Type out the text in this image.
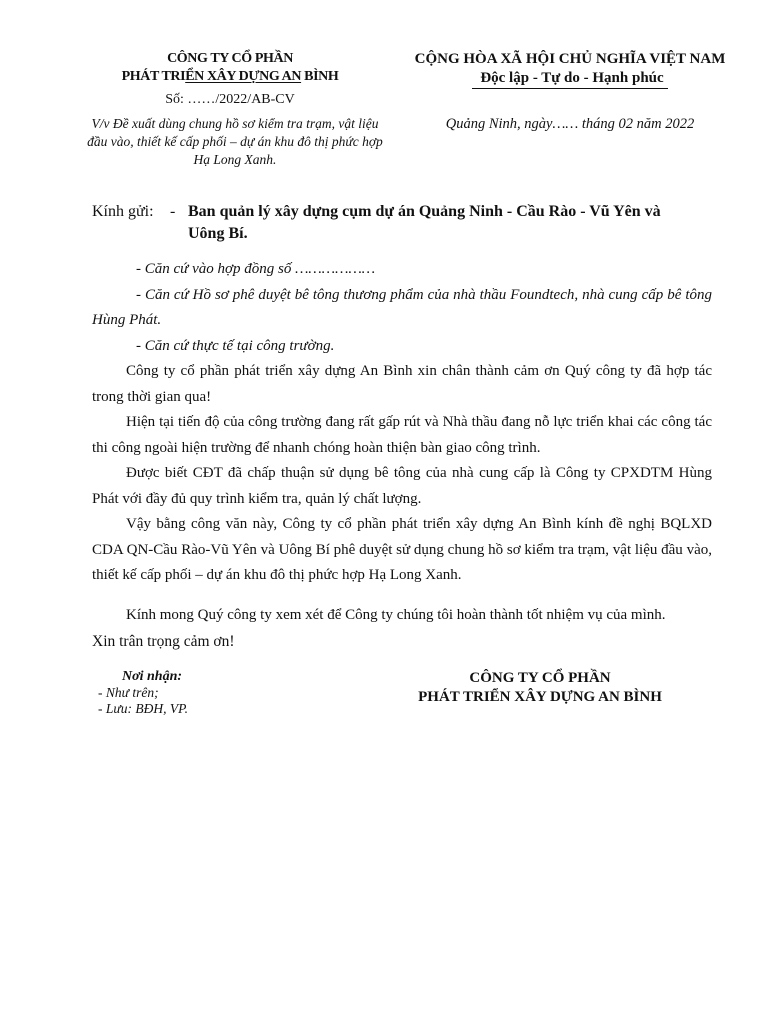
CÔNG TY CỔ PHẦN
PHÁT TRIỂN XÂY DỰNG AN BÌNH
Số: ……/2022/AB-CV
V/v Đề xuất dùng chung hồ sơ kiểm tra trạm, vật liệu
đầu vào, thiết kế cấp phối – dự án khu đô thị phức hợp
Hạ Long Xanh.
CỘNG HÒA XÃ HỘI CHỦ NGHĨA VIỆT NAM
Độc lập - Tự do - Hạnh phúc
Quảng Ninh, ngày…… tháng 02 năm 2022
Kính gửi: - Ban quản lý xây dựng cụm dự án Quảng Ninh - Cầu Rào - Vũ Yên và
Uông Bí.

- Căn cứ vào hợp đồng số ………………

- Căn cứ Hồ sơ phê duyệt bê tông thương phẩm của nhà thầu Foundtech, nhà cung cấp bê tông Hùng Phát.

- Căn cứ thực tế tại công trường.

Công ty cổ phần phát triển xây dựng An Bình xin chân thành cảm ơn Quý công ty đã hợp tác trong thời gian qua!

Hiện tại tiến độ của công trường đang rất gấp rút và Nhà thầu đang nỗ lực triển khai các công tác thi công ngoài hiện trường để nhanh chóng hoàn thiện bàn giao công trình.

Được biết CĐT đã chấp thuận sử dụng bê tông của nhà cung cấp là Công ty CPXDTM Hùng Phát với đầy đủ quy trình kiểm tra, quản lý chất lượng.

Vậy bằng công văn này, Công ty cổ phần phát triển xây dựng An Bình kính đề nghị BQLXD CDA QN-Cầu Rào-Vũ Yên và Uông Bí phê duyệt sử dụng chung hồ sơ kiểm tra trạm, vật liệu đầu vào, thiết kế cấp phối – dự án khu đô thị phức hợp Hạ Long Xanh.

Kính mong Quý công ty xem xét để Công ty chúng tôi hoàn thành tốt nhiệm vụ của mình.

Xin trân trọng cảm ơn!
Nơi nhận:
- Như trên;
- Lưu: BĐH, VP.
CÔNG TY CỔ PHẦN
PHÁT TRIỂN XÂY DỰNG AN BÌNH
